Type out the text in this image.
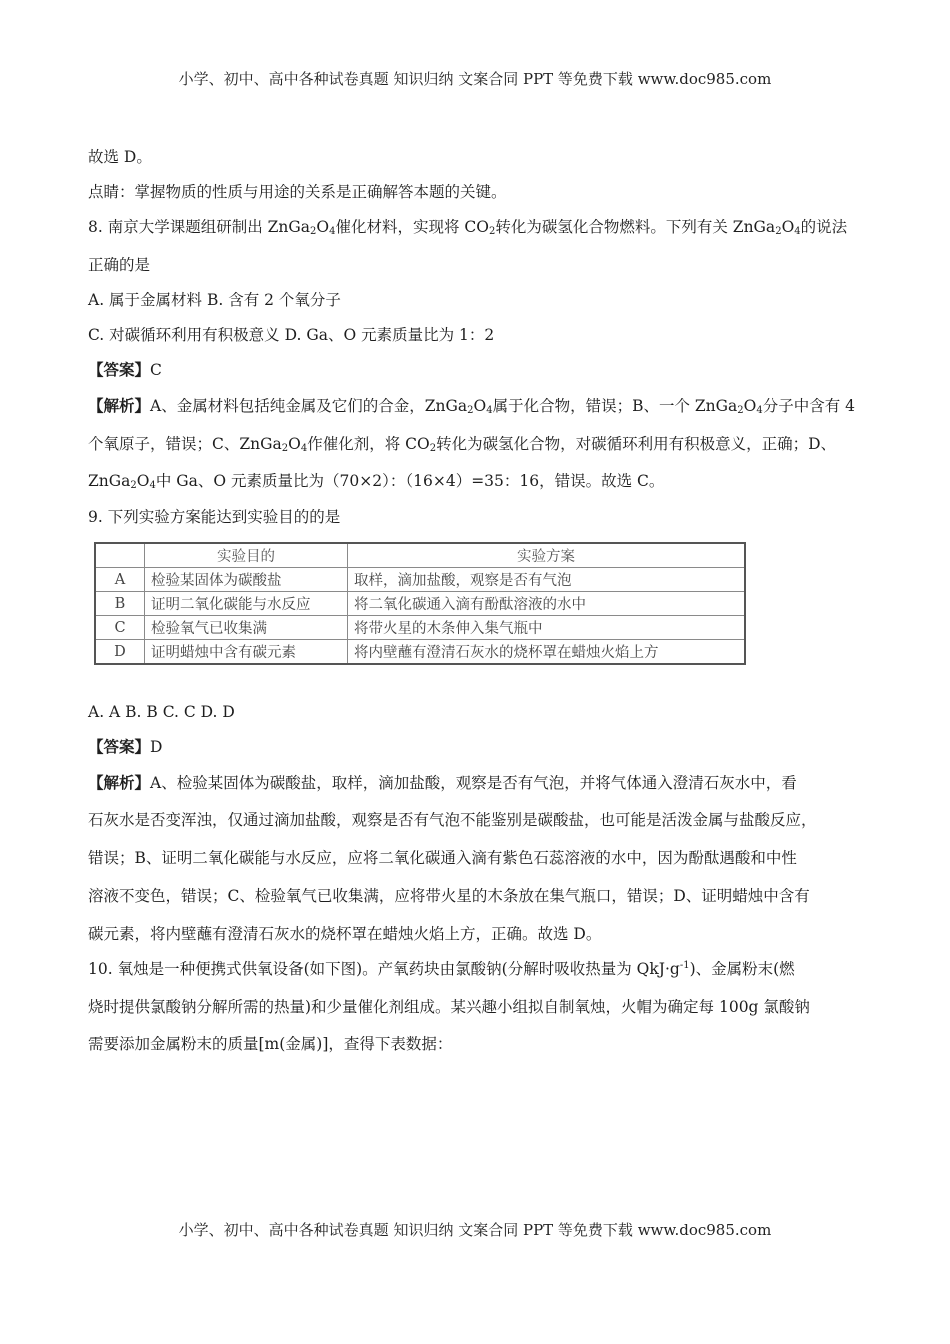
小学、初中、高中各种试卷真题 知识归纳 文案合同 PPT 等免费下载 www.doc985.com
故选 D。
点睛：掌握物质的性质与用途的关系是正确解答本题的关键。
8. 南京大学课题组研制出 $ZnGa_2O_4$催化材料，实现将 $CO_2$转化为碳氢化合物燃料。下列有关 $ZnGa_2O_4$的说法
正确的是
A. 属于金属材料 B. 含有 2 个氧分子
C. 对碳循环利用有积极意义 D. Ga、O 元素质量比为 1：2
【答案】C
【解析】A、金属材料包括纯金属及它们的合金，$ZnGa_2O_4$属于化合物，错误；B、一个 $ZnGa_2O_4$分子中含有 4
个氧原子，错误；C、$ZnGa_2O_4$作催化剂，将 $CO_2$转化为碳氢化合物，对碳循环利用有积极意义，正确；D、
$ZnGa_2O_4$中 Ga、O 元素质量比为（70×2）：（16×4）=35：16，错误。故选 C。
9. 下列实验方案能达到实验目的的是
	实验目的	实验方案
A	检验某固体为碳酸盐	取样，滴加盐酸，观察是否有气泡
B	证明二氧化碳能与水反应	将二氧化碳通入滴有酚酞溶液的水中
C	检验氧气已收集满	将带火星的木条伸入集气瓶中
D	证明蜡烛中含有碳元素	将内壁蘸有澄清石灰水的烧杯罩在蜡烛火焰上方
A. A B. B C. C D. D
【答案】D
【解析】A、检验某固体为碳酸盐，取样，滴加盐酸，观察是否有气泡，并将气体通入澄清石灰水中，看
石灰水是否变浑浊，仅通过滴加盐酸，观察是否有气泡不能鉴别是碳酸盐，也可能是活泼金属与盐酸反应，
错误；B、证明二氧化碳能与水反应，应将二氧化碳通入滴有紫色石蕊溶液的水中，因为酚酞遇酸和中性
溶液不变色，错误；C、检验氧气已收集满，应将带火星的木条放在集气瓶口，错误；D、证明蜡烛中含有
碳元素，将内壁蘸有澄清石灰水的烧杯罩在蜡烛火焰上方，正确。故选 D。
10. 氧烛是一种便携式供氧设备(如下图)。产氧药块由氯酸钠(分解时吸收热量为 $QkJ\cdot g^{-1}$)、金属粉末(燃
烧时提供氯酸钠分解所需的热量)和少量催化剂组成。某兴趣小组拟自制氧烛，火帽为确定每 100g 氯酸钠
需要添加金属粉末的质量[m(金属)]，查得下表数据：
小学、初中、高中各种试卷真题 知识归纳 文案合同 PPT 等免费下载 www.doc985.com
